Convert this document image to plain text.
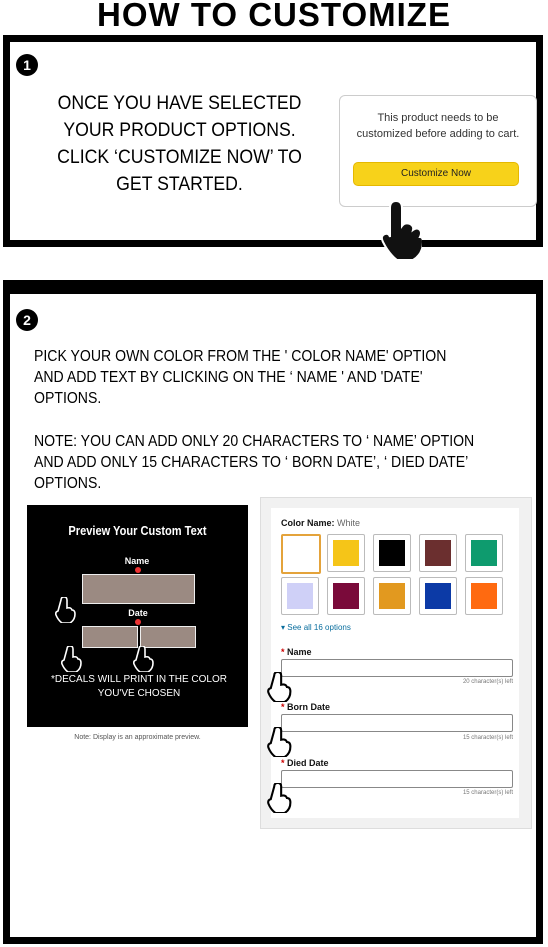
HOW TO CUSTOMIZE
1
ONCE YOU HAVE SELECTED YOUR PRODUCT OPTIONS. CLICK ‘CUSTOMIZE NOW’ TO GET STARTED.
This product needs to be customized before adding to cart.
Customize Now
2
PICK YOUR OWN COLOR FROM THE ' COLOR NAME' OPTION AND ADD TEXT BY CLICKING ON THE ‘ NAME ' AND 'DATE' OPTIONS.
NOTE: YOU CAN ADD ONLY 20 CHARACTERS TO ‘ NAME’ OPTION AND ADD ONLY 15 CHARACTERS TO ‘ BORN DATE’, ‘ DIED DATE’ OPTIONS.
Preview Your Custom Text
Name
Date
*DECALS WILL PRINT IN THE COLOR YOU'VE CHOSEN
Note: Display is an approximate preview.
Color Name: White
▾ See all 16 options
* Name
20 character(s) left
* Born Date
15 character(s) left
* Died Date
15 character(s) left
